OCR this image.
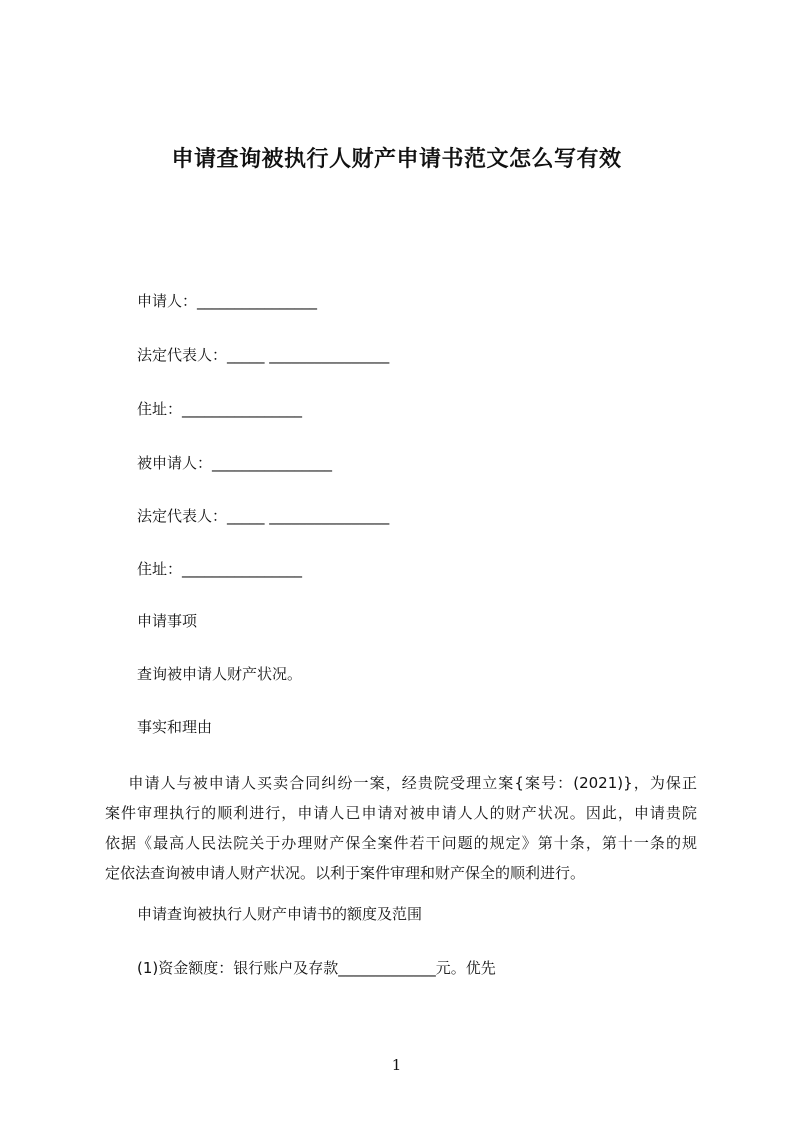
申请查询被执行人财产申请书范文怎么写有效
申请人：________________
法定代表人：_____ ________________
住址：________________
被申请人：________________
法定代表人：_____ ________________
住址：________________
申请事项
查询被申请人财产状况。
事实和理由
申请人与被申请人买卖合同纠纷一案，经贵院受理立案{案号：(2021)}，为保正
案件审理执行的顺利进行，申请人已申请对被申请人人的财产状况。因此，申请贵院
依据《最高人民法院关于办理财产保全案件若干问题的规定》第十条，第十一条的规
定依法查询被申请人财产状况。以利于案件审理和财产保全的顺利进行。
申请查询被执行人财产申请书的额度及范围
(1)资金额度：银行账户及存款_____________元。优先
1
